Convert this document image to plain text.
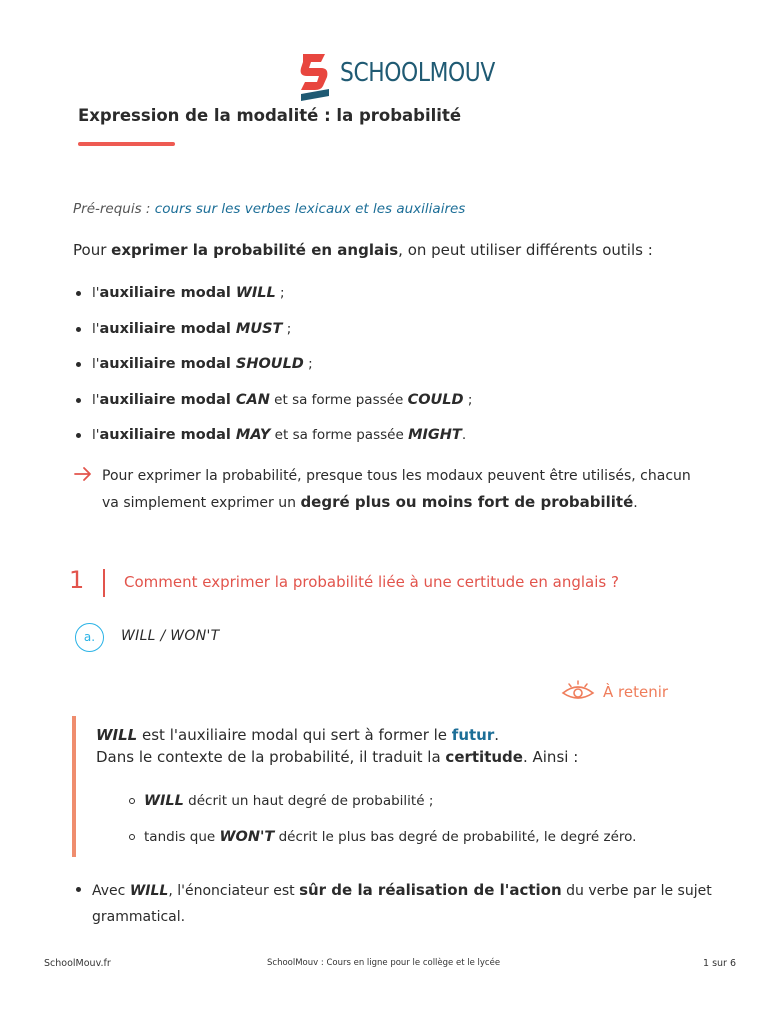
SCHOOLMOUV
Expression de la modalité : la probabilité
Pré-requis : cours sur les verbes lexicaux et les auxiliaires
Pour exprimer la probabilité en anglais, on peut utiliser différents outils :
l'auxiliaire modal WILL ;
l'auxiliaire modal MUST ;
l'auxiliaire modal SHOULD ;
l'auxiliaire modal CAN et sa forme passée COULD ;
l'auxiliaire modal MAY et sa forme passée MIGHT.
Pour exprimer la probabilité, presque tous les modaux peuvent être utilisés, chacun va simplement exprimer un degré plus ou moins fort de probabilité.
1	Comment exprimer la probabilité liée à une certitude en anglais ?
a.	WILL / WON'T
À retenir
WILL est l'auxiliaire modal qui sert à former le futur.
Dans le contexte de la probabilité, il traduit la certitude. Ainsi :
WILL décrit un haut degré de probabilité ;
tandis que WON'T décrit le plus bas degré de probabilité, le degré zéro.
Avec WILL, l'énonciateur est sûr de la réalisation de l'action du verbe par le sujet grammatical.
SchoolMouv.fr	SchoolMouv : Cours en ligne pour le collège et le lycée	1 sur 6
